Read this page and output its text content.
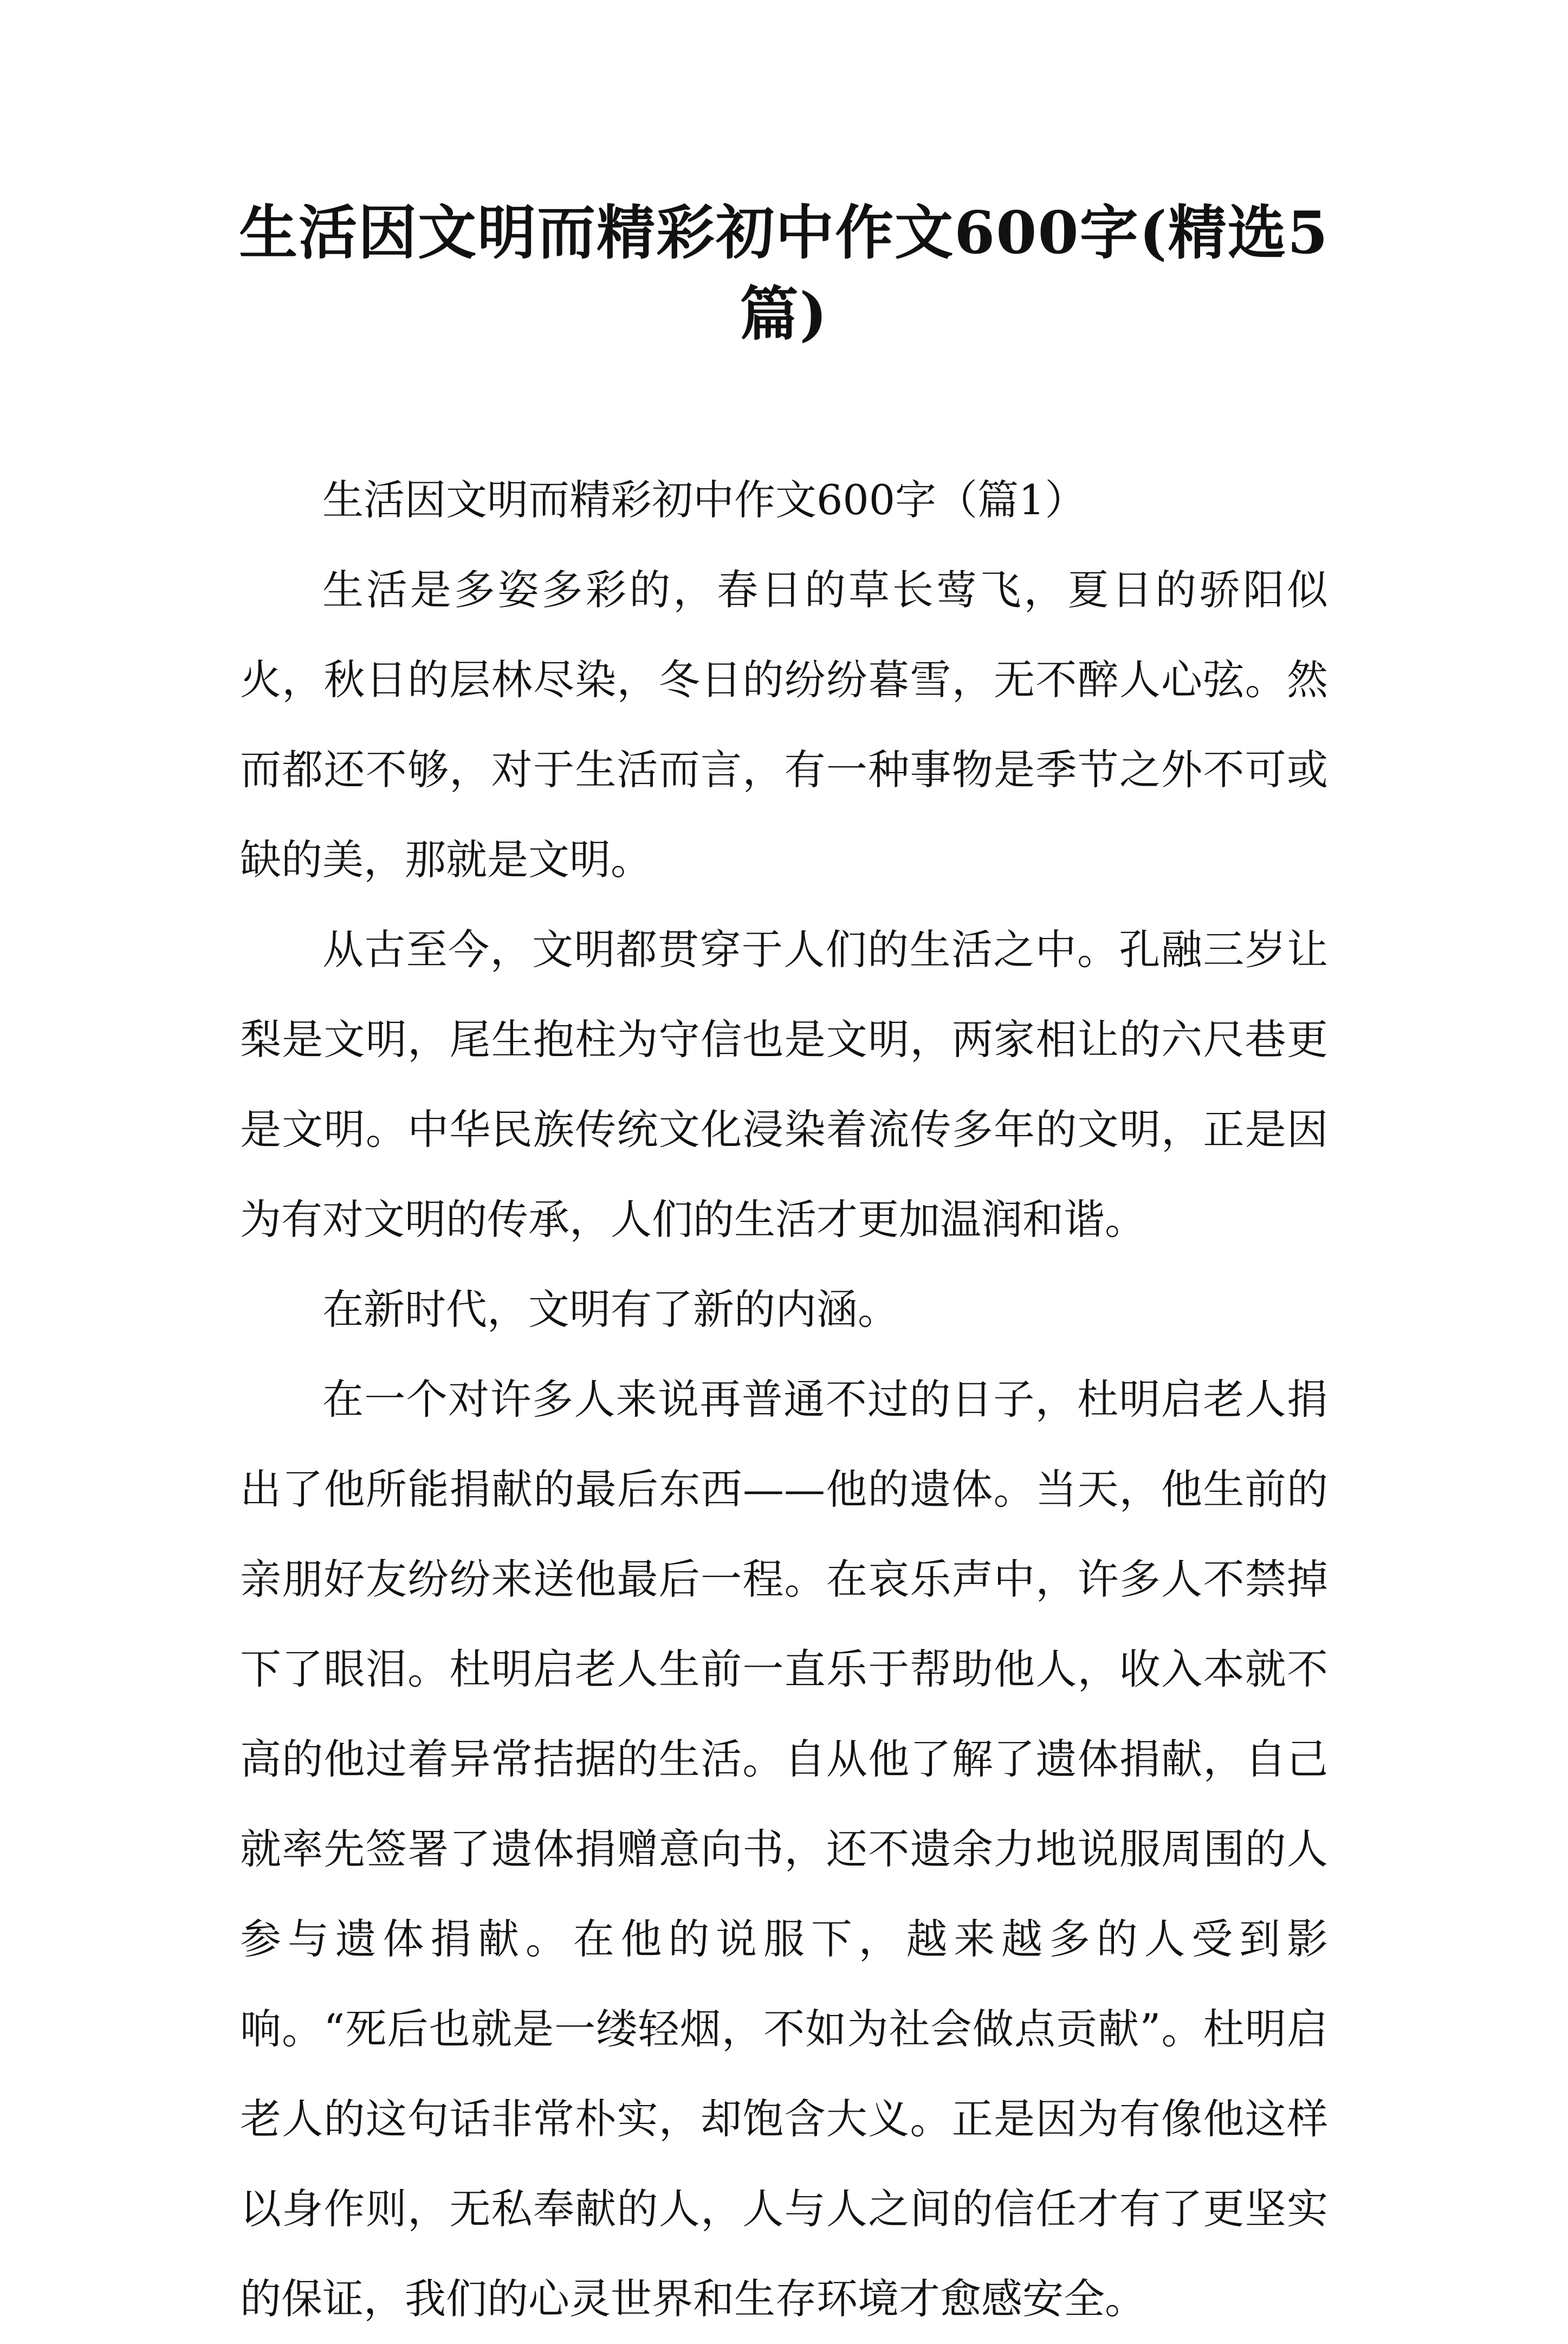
生活因文明而精彩初中作文600字(精选5篇)

生活因文明而精彩初中作文600字（篇1）

生活是多姿多彩的，春日的草长莺飞，夏日的骄阳似火，秋日的层林尽染，冬日的纷纷暮雪，无不醉人心弦。然而都还不够，对于生活而言，有一种事物是季节之外不可或缺的美，那就是文明。

从古至今，文明都贯穿于人们的生活之中。孔融三岁让梨是文明，尾生抱柱为守信也是文明，两家相让的六尺巷更是文明。中华民族传统文化浸染着流传多年的文明，正是因为有对文明的传承，人们的生活才更加温润和谐。

在新时代，文明有了新的内涵。

在一个对许多人来说再普通不过的日子，杜明启老人捐出了他所能捐献的最后东西——他的遗体。当天，他生前的亲朋好友纷纷来送他最后一程。在哀乐声中，许多人不禁掉下了眼泪。杜明启老人生前一直乐于帮助他人，收入本就不高的他过着异常拮据的生活。自从他了解了遗体捐献，自己就率先签署了遗体捐赠意向书，还不遗余力地说服周围的人参与遗体捐献。在他的说服下，越来越多的人受到影响。“死后也就是一缕轻烟，不如为社会做点贡献”。杜明启老人的这句话非常朴实，却饱含大义。正是因为有像他这样以身作则，无私奉献的人，人与人之间的信任才有了更坚实的保证，我们的心灵世界和生存环境才愈感安全。
